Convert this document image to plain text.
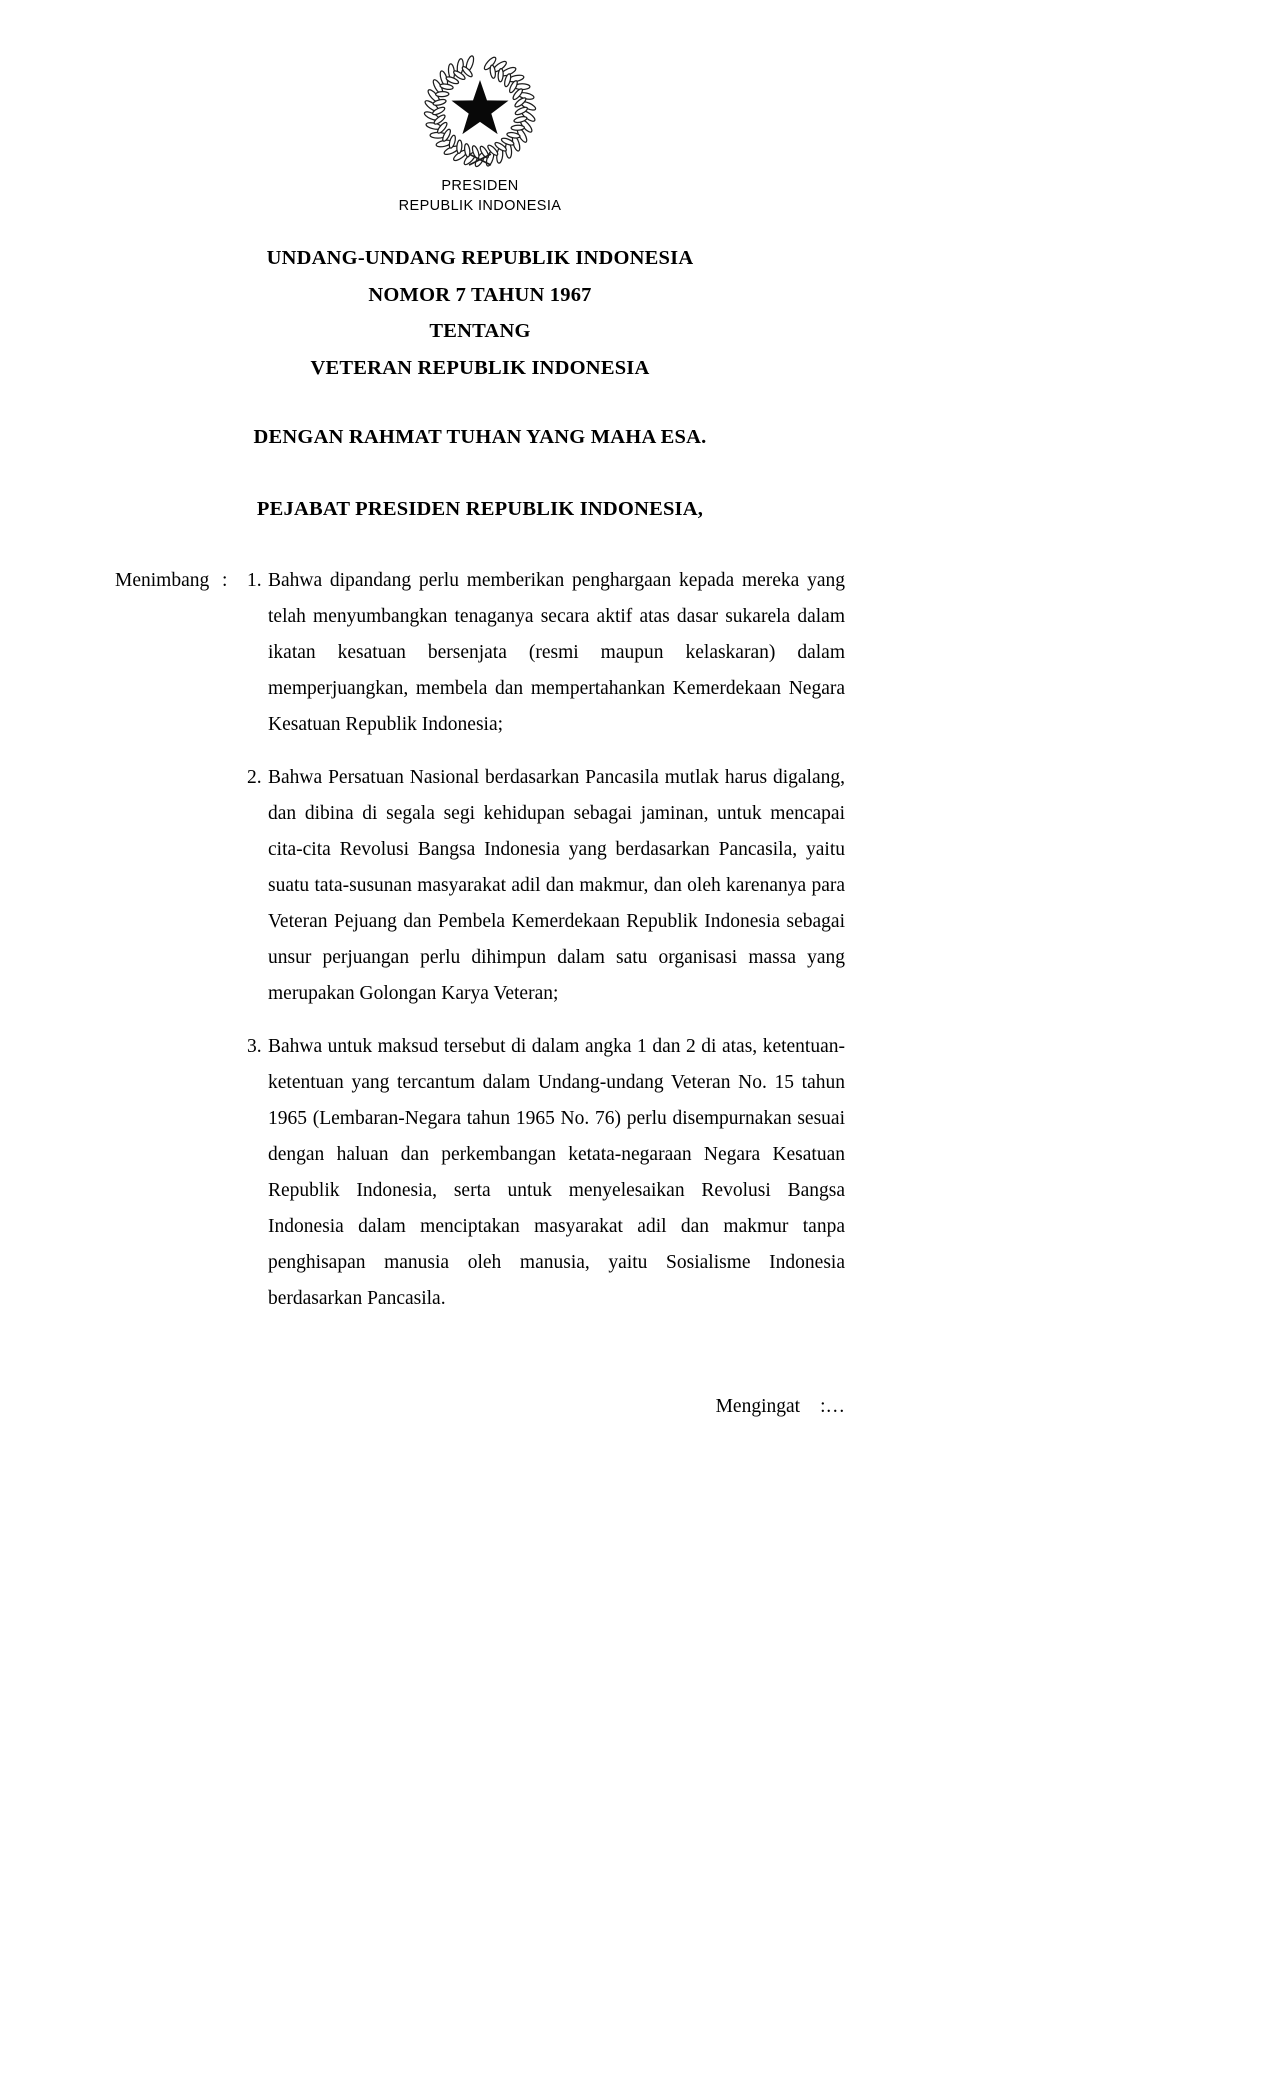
PRESIDEN
REPUBLIK INDONESIA
UNDANG-UNDANG REPUBLIK INDONESIA
NOMOR 7 TAHUN 1967
TENTANG
VETERAN REPUBLIK INDONESIA
DENGAN RAHMAT TUHAN YANG MAHA ESA.
PEJABAT PRESIDEN REPUBLIK INDONESIA,
Menimbang :	1. Bahwa dipandang perlu memberikan penghargaan kepada mereka yang telah menyumbangkan tenaganya secara aktif atas dasar sukarela dalam ikatan kesatuan bersenjata (resmi maupun kelaskaran) dalam memperjuangkan, membela dan mempertahankan Kemerdekaan Negara Kesatuan Republik Indonesia;

2. Bahwa Persatuan Nasional berdasarkan Pancasila mutlak harus digalang, dan dibina di segala segi kehidupan sebagai jaminan, untuk mencapai cita-cita Revolusi Bangsa Indonesia yang berdasarkan Pancasila, yaitu suatu tata-susunan masyarakat adil dan makmur, dan oleh karenanya para Veteran Pejuang dan Pembela Kemerdekaan Republik Indonesia sebagai unsur perjuangan perlu dihimpun dalam satu organisasi massa yang merupakan Golongan Karya Veteran;

3. Bahwa untuk maksud tersebut di dalam angka 1 dan 2 di atas, ketentuan-ketentuan yang tercantum dalam Undang-undang Veteran No. 15 tahun 1965 (Lembaran-Negara tahun 1965 No. 76) perlu disempurnakan sesuai dengan haluan dan perkembangan ketata-negaraan Negara Kesatuan Republik Indonesia, serta untuk menyelesaikan Revolusi Bangsa Indonesia dalam menciptakan masyarakat adil dan makmur tanpa penghisapan manusia oleh manusia, yaitu Sosialisme Indonesia berdasarkan Pancasila.

Mengingat :…
